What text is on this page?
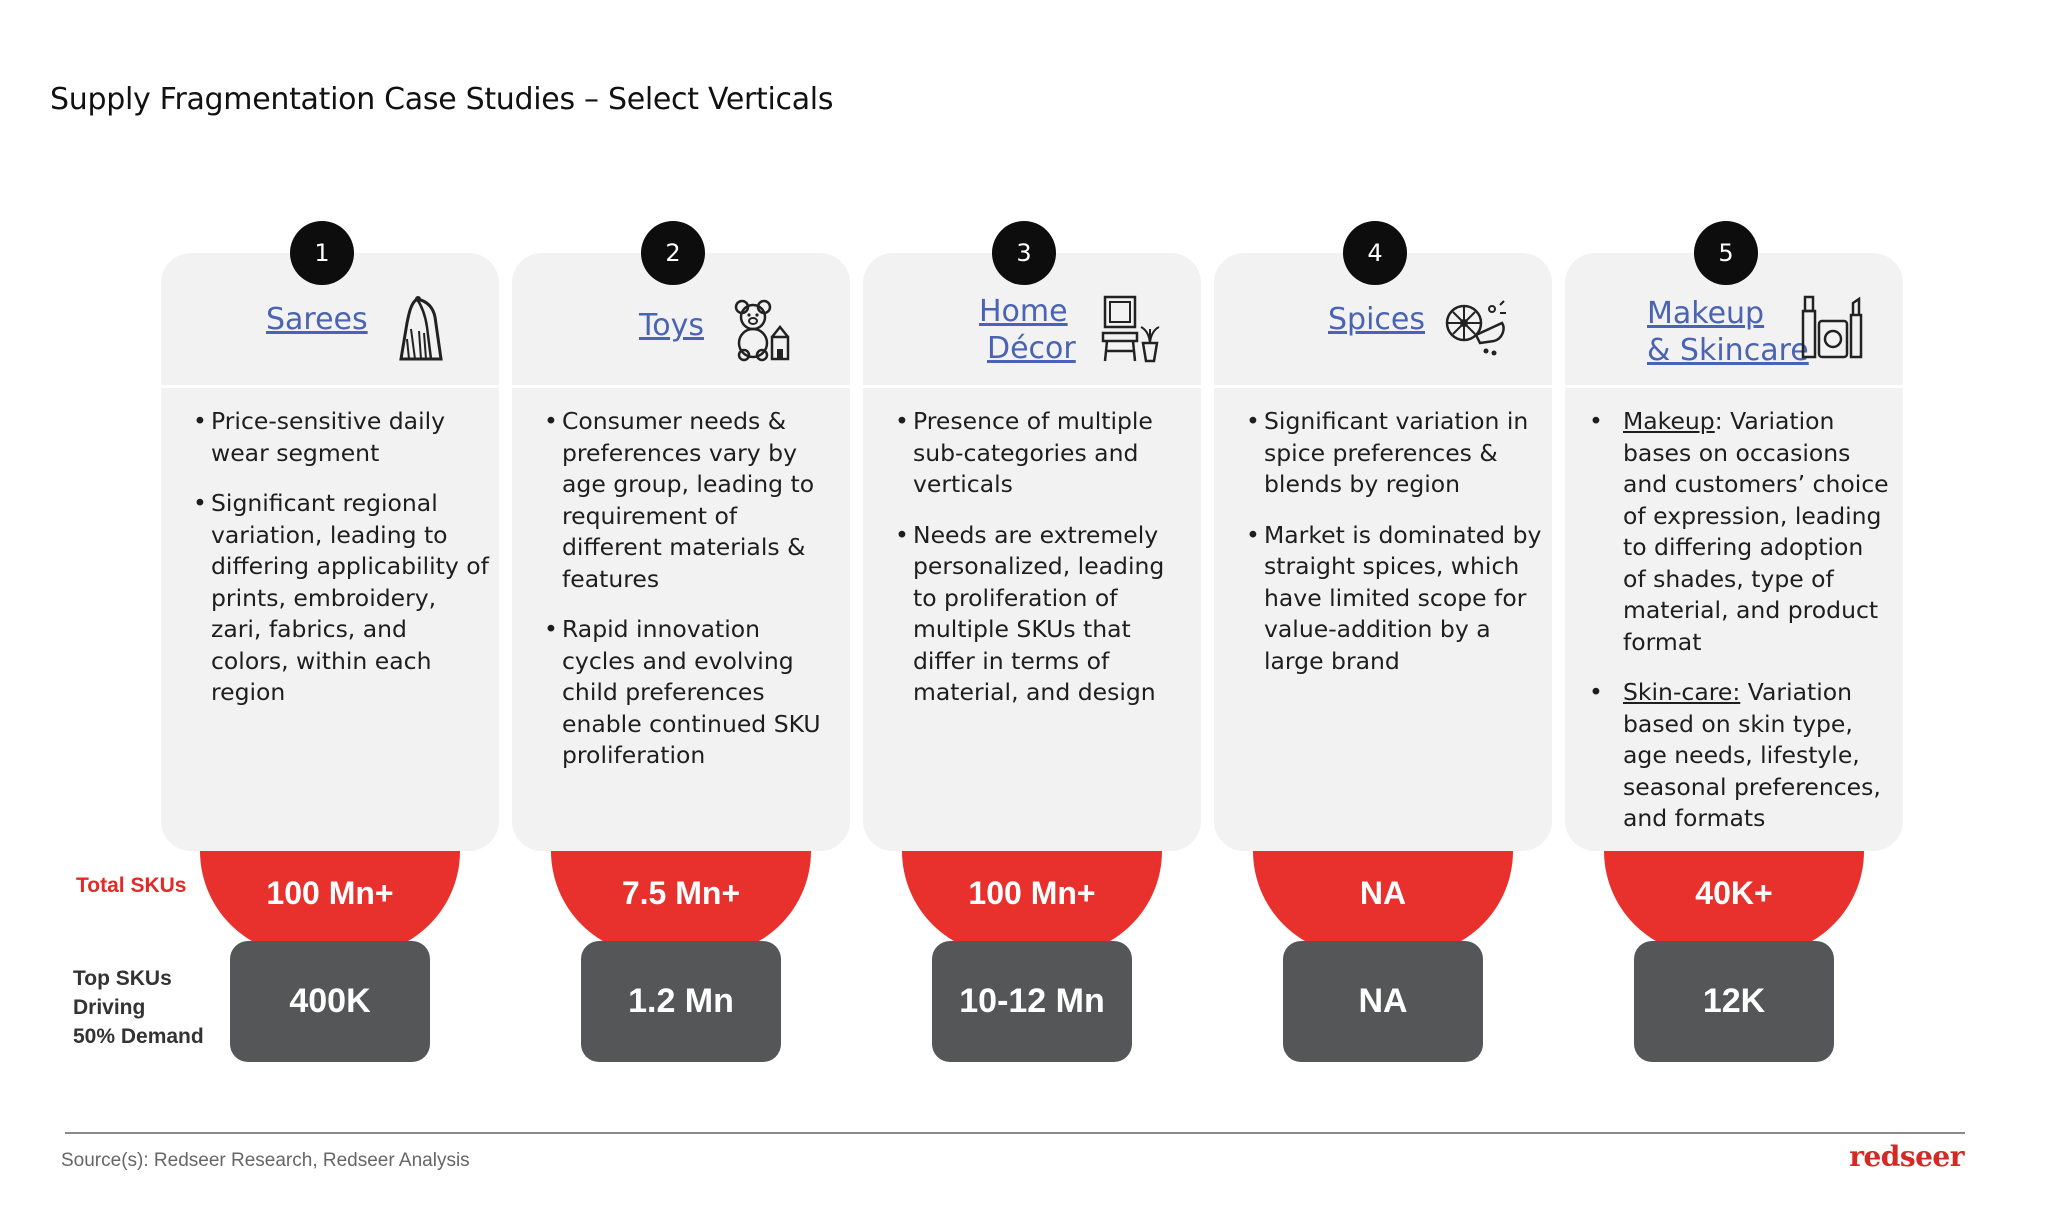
Supply Fragmentation Case Studies – Select Verticals
Sarees
• Price-sensitive daily wear segment
• Significant regional variation, leading to differing applicability of prints, embroidery, zari, fabrics, and colors, within each region
Toys
• Consumer needs & preferences vary by age group, leading to requirement of different materials & features
• Rapid innovation cycles and evolving child preferences enable continued SKU proliferation
Home
Décor
• Presence of multiple sub-categories and verticals
• Needs are extremely personalized, leading to proliferation of multiple SKUs that differ in terms of material, and design
Spices
• Significant variation in spice preferences & blends by region
• Market is dominated by straight spices, which have limited scope for value-addition by a large brand
Makeup
& Skincare
• Makeup: Variation bases on occasions and customers’ choice of expression, leading to differing adoption of shades, type of material, and product format
• Skin-care: Variation based on skin type, age needs, lifestyle, seasonal preferences, and formats
Total SKUs
Top SKUs
Driving
50% Demand
100 Mn+	7.5 Mn+	100 Mn+	NA	40K+
400K	1.2 Mn	10-12 Mn	NA	12K
1	2	3	4	5
Source(s): Redseer Research, Redseer Analysis	redseer
